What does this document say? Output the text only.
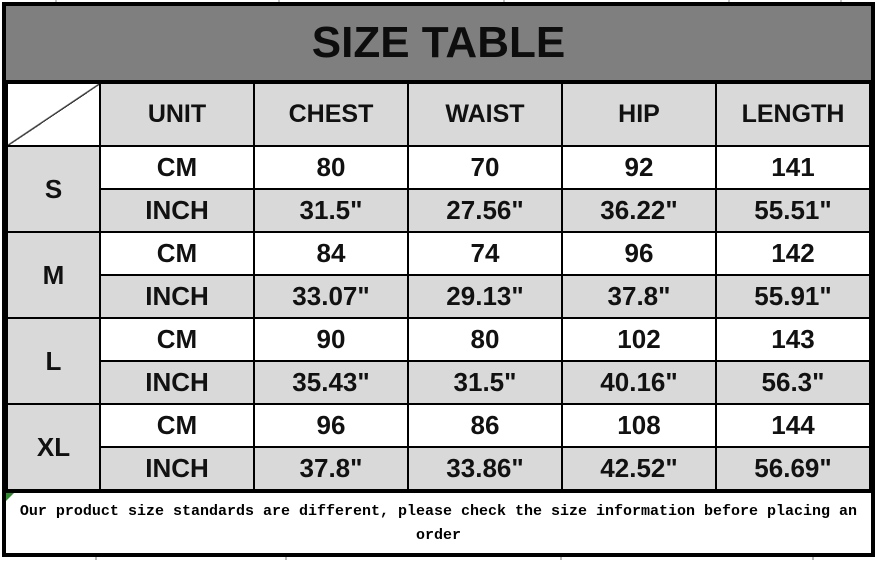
SIZE TABLE
	UNIT	CHEST	WAIST	HIP	LENGTH
S	CM	80	70	92	141
	INCH	31.5"	27.56"	36.22"	55.51"
M	CM	84	74	96	142
	INCH	33.07"	29.13"	37.8"	55.91"
L	CM	90	80	102	143
	INCH	35.43"	31.5"	40.16"	56.3"
XL	CM	96	86	108	144
	INCH	37.8"	33.86"	42.52"	56.69"
Our product size standards are different, please check the size information before placing an order
